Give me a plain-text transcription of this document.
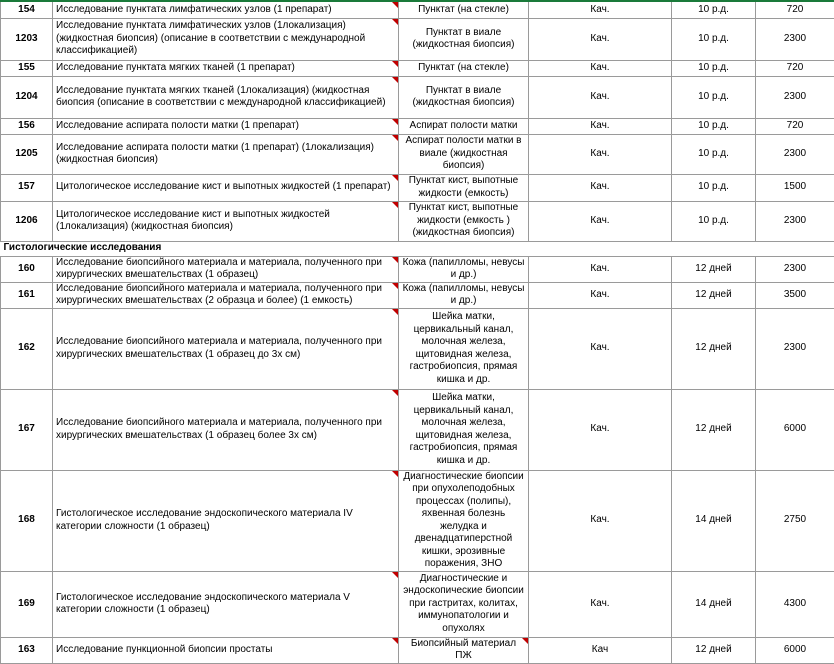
154	Исследование пунктата лимфатических узлов (1 препарат)	Пунктат (на стекле)	Кач.	10 р.д.	720
1203	Исследование пунктата лимфатических узлов (1локализация) (жидкостная биопсия) (описание в соответствии с международной классификацией)	Пунктат в виале (жидкостная биопсия)	Кач.	10 р.д.	2300
155	Исследование пунктата мягких тканей (1 препарат)	Пунктат (на стекле)	Кач.	10 р.д.	720
1204	Исследование пунктата мягких тканей (1локализация) (жидкостная биопсия (описание в соответствии с международной классификацией)	Пунктат в виале (жидкостная биопсия)	Кач.	10 р.д.	2300
156	Исследование аспирата полости матки (1 препарат)	Аспират полости матки	Кач.	10 р.д.	720
1205	Исследование аспирата полости матки (1 препарат) (1локализация) (жидкостная биопсия)	Аспират полости матки в виале (жидкостная биопсия)	Кач.	10 р.д.	2300
157	Цитологическое исследование кист и выпотных жидкостей (1 препарат)	Пунктат кист, выпотные жидкости (емкость)	Кач.	10 р.д.	1500
1206	Цитологическое исследование кист и выпотных жидкостей (1локализация) (жидкостная биопсия)	Пунктат кист, выпотные жидкости (емкость )(жидкостная биопсия)	Кач.	10 р.д.	2300
Гистологические исследования					
160	Исследование биопсийного материала и материала, полученного при хирургических вмешательствах (1 образец)	Кожа (папилломы, невусы и др.)	Кач.	12 дней	2300
161	Исследование биопсийного материала и материала, полученного при хирургических вмешательствах (2 образца и более) (1 емкость)	Кожа (папилломы, невусы и др.)	Кач.	12 дней	3500
162	Исследование биопсийного материала и материала, полученного при хирургических вмешательствах (1 образец до 3х см)	Шейка матки, цервикальный канал, молочная железа, щитовидная железа, гастробиопсия, прямая кишка и др.	Кач.	12 дней	2300
167	Исследование биопсийного материала и материала, полученного при хирургических вмешательствах (1 образец более 3х см)	Шейка матки, цервикальный канал, молочная железа, щитовидная железа, гастробиопсия, прямая кишка и др.	Кач.	12 дней	6000
168	Гистологическое исследование эндоскопического материала IV категории сложности (1 образец)	Диагностические биопсии при опухолеподобных процессах (полипы), яхвенная болезнь желудка и двенадцатиперстной кишки, эрозивные поражения, ЗНО	Кач.	14 дней	2750
169	Гистологическое исследование эндоскопического материала V категории сложности (1 образец)	Диагностические и эндоскопические биопсии при гастритах, колитах, иммунопатологии и опухолях	Кач.	14 дней	4300
163	Исследование пункционной биопсии простаты	Биопсийный материал ПЖ	Кач	12 дней	6000
